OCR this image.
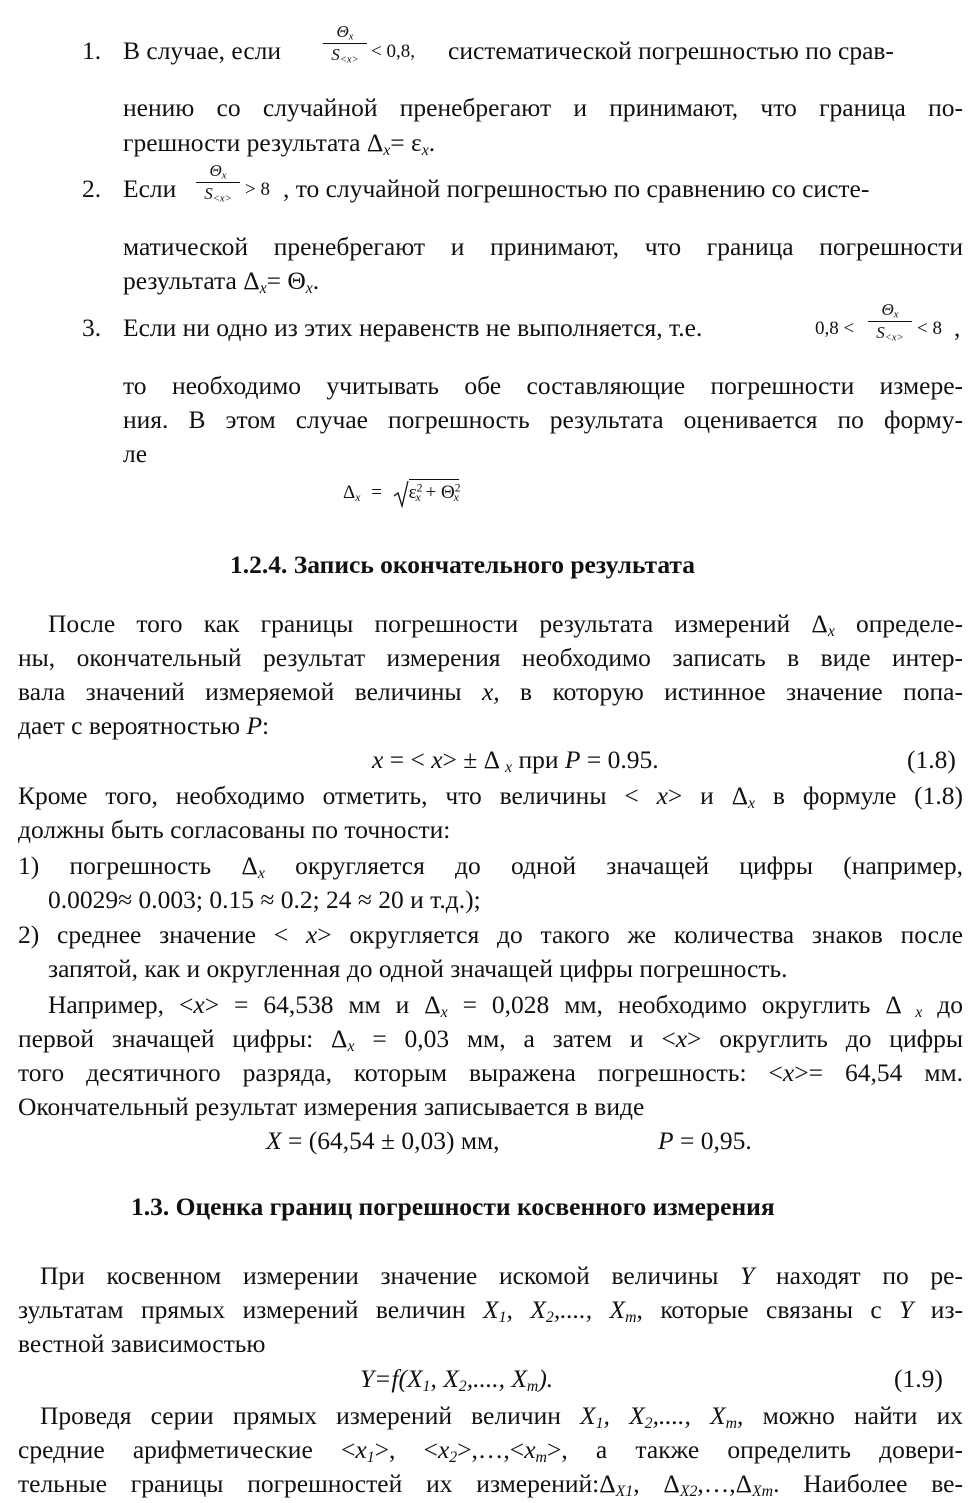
1. В случае, если
$\Theta_x$
$S_{<x>} < 0,8$, систематической погрешностью по срав-
нению со случайной пренебрегают и принимают, что граница по-
грешности результата $\Delta_x= \varepsilon_x$.
2. Если
$\Theta_x$
$S_{<x>} > 8$ , то случайной погрешностью по сравнению со систе-
матической пренебрегают и принимают, что граница погрешности
результата $\Delta_x= \Theta_x$.
3. Если ни одно из этих неравенств не выполняется, т.е.	0,8 <
$\Theta_x$
$S_{<x>} < 8$ ,
то необходимо учитывать обе составляющие погрешности измере-
ния. В этом случае погрешность результата оценивается по форму-
ле
$\Delta_x = \varepsilon^2_x + \Theta^2_x$
1.2.4. Запись окончательного результата
После того как границы погрешности результата измерений $\Delta_x$ определе-
ны, окончательный результат измерения необходимо записать в виде интер-
вала значений измеряемой величины x, в которую истинное значение попа-
дает с вероятностью P:
x = < x> ± Δ $_x$ при P = 0.95.	(1.8)
Кроме того, необходимо отметить, что величины < x> и $\Delta_x$ в формуле (1.8)
должны быть согласованы по точности:
1) погрешность $\Delta_x$ округляется до одной значащей цифры (например,
0.0029≈ 0.003; 0.15 ≈ 0.2; 24 ≈ 20 и т.д.);
2) среднее значение < x> округляется до такого же количества знаков после
запятой, как и округленная до одной значащей цифры погрешность.
Например, <x> = 64,538 мм и $\Delta_x = 0,028$ мм, необходимо округлить Δ $_x$ до
первой значащей цифры: $\Delta_x = 0,03$ мм, а затем и <x> округлить до цифры
того десятичного разряда, которым выражена погрешность: <x>= 64,54 мм.
Окончательный результат измерения записывается в виде
X = (64,54 ± 0,03) мм,	P = 0,95.
1.3. Оценка границ погрешности косвенного измерения
При косвенном измерении значение искомой величины Y находят по ре-
зультатам прямых измерений величин $X_1$, $X_2$,...., $X_m$, которые связаны с Y из-
вестной зависимостью
$Y=f(X_1$, $X_2$,...., $X_m$).	(1.9)
Проведя серии прямых измерений величин $X_1$, $X_2$,...., $X_m$, можно найти их
средние арифметические $<x_1>$, $<x_2>,\dots,<x_m>$, а также определить довери-
тельные границы погрешностей их $измерений:\Delta_{X1}$, $\Delta_{X2},\dots,\Delta_{Xm}$. Наиболее ве-
